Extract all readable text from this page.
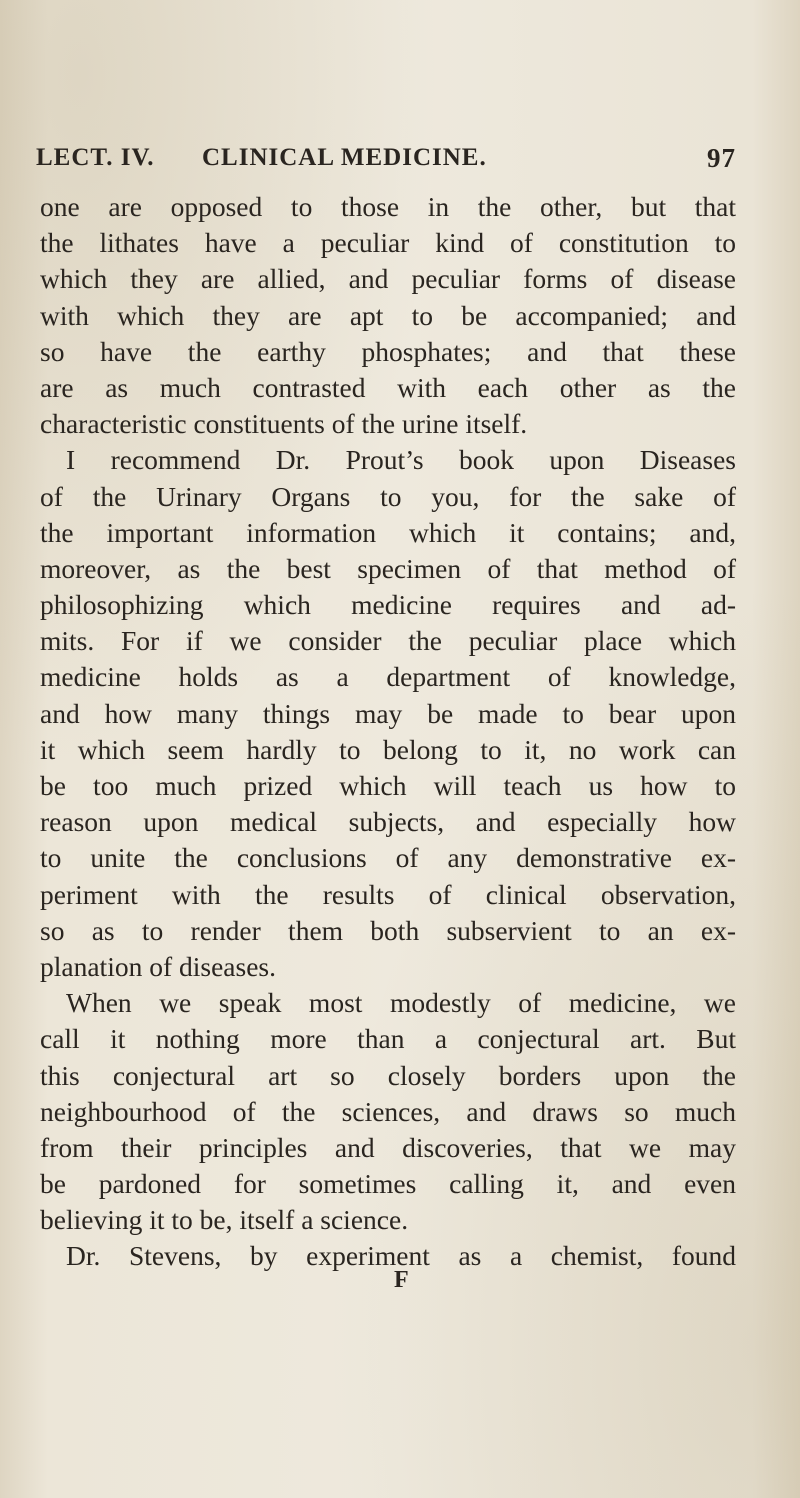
LECT. IV. CLINICAL MEDICINE.	97
one are opposed to those in the other, but that
the lithates have a peculiar kind of constitution to
which they are allied, and peculiar forms of disease
with which they are apt to be accompanied; and
so have the earthy phosphates; and that these
are as much contrasted with each other as the
characteristic constituents of the urine itself.
I recommend Dr. Prout’s book upon Diseases
of the Urinary Organs to you, for the sake of
the important information which it contains; and,
moreover, as the best specimen of that method of
philosophizing which medicine requires and ad-
mits. For if we consider the peculiar place which
medicine holds as a department of knowledge,
and how many things may be made to bear upon
it which seem hardly to belong to it, no work can
be too much prized which will teach us how to
reason upon medical subjects, and especially how
to unite the conclusions of any demonstrative ex-
periment with the results of clinical observation,
so as to render them both subservient to an ex-
planation of diseases.
When we speak most modestly of medicine, we
call it nothing more than a conjectural art. But
this conjectural art so closely borders upon the
neighbourhood of the sciences, and draws so much
from their principles and discoveries, that we may
be pardoned for sometimes calling it, and even
believing it to be, itself a science.
Dr. Stevens, by experiment as a chemist, found
F
